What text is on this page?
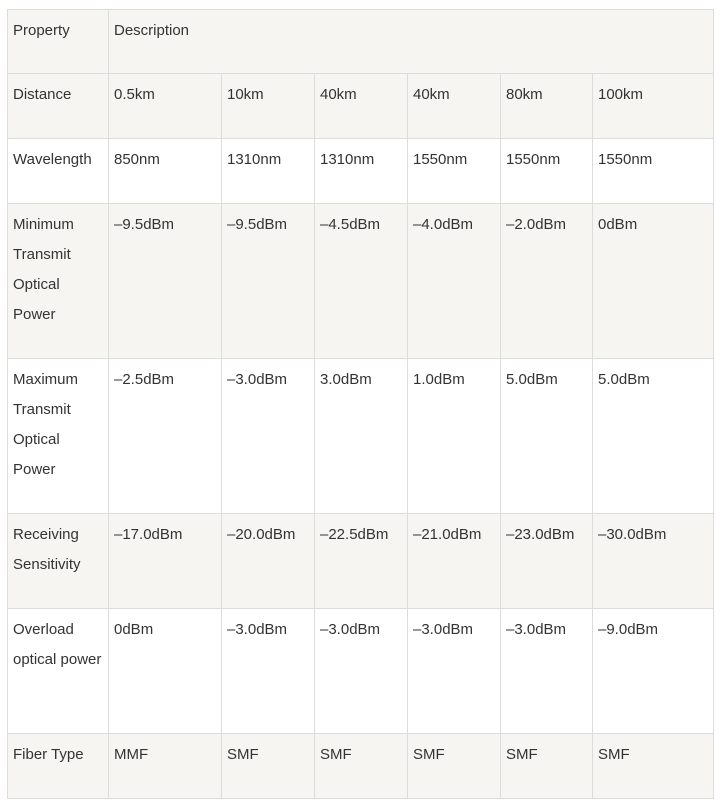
Property	Description					

Distance	0.5km	10km	40km	40km	80km	100km

Wavelength	850nm	1310nm	1310nm	1550nm	1550nm	1550nm

Minimum Transmit Optical Power	–9.5dBm	–9.5dBm	–4.5dBm	–4.0dBm	–2.0dBm	0dBm

Maximum Transmit Optical Power	–2.5dBm	–3.0dBm	3.0dBm	1.0dBm	5.0dBm	5.0dBm

Receiving Sensitivity	–17.0dBm	–20.0dBm	–22.5dBm	–21.0dBm	–23.0dBm	–30.0dBm

Overload optical power	0dBm	–3.0dBm	–3.0dBm	–3.0dBm	–3.0dBm	–9.0dBm

Fiber Type	MMF	SMF	SMF	SMF	SMF	SMF
